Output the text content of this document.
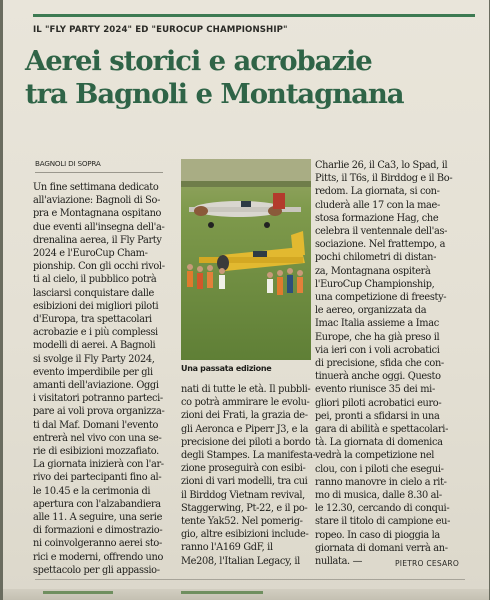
IL "FLY PARTY 2024" ED "EUROCUP CHAMPIONSHIP"
Aerei storici e acrobazie
tra Bagnoli e Montagnana
BAGNOLI DI SOPRA
Un fine settimana dedicato
all'aviazione: Bagnoli di So-
pra e Montagnana ospitano
due eventi all'insegna dell'a-
drenalina aerea, il Fly Party
2024 e l'EuroCup Cham-
pionship. Con gli occhi rivol-
ti al cielo, il pubblico potrà
lasciarsi conquistare dalle
esibizioni dei migliori piloti
d'Europa, tra spettacolari
acrobazie e i più complessi
modelli di aerei. A Bagnoli
si svolge il Fly Party 2024,
evento imperdibile per gli
amanti dell'aviazione. Oggi
i visitatori potranno parteci-
pare ai voli prova organizza-
ti dal Maf. Domani l'evento
entrerà nel vivo con una se-
rie di esibizioni mozzafiato.
La giornata inizierà con l'ar-
rivo dei partecipanti fino al-
le 10.45 e la cerimonia di
apertura con l'alzabandiera
alle 11. A seguire, una serie
di formazioni e dimostrazio-
ni coinvolgeranno aerei sto-
rici e moderni, offrendo uno
spettacolo per gli appassio-
Una passata edizione
nati di tutte le età. Il pubbli-
co potrà ammirare le evolu-
zioni dei Frati, la grazia de-
gli Aeronca e Piperr J3, e la
precisione dei piloti a bordo
degli Stampes. La manifesta-
zione proseguirà con esibi-
zioni di vari modelli, tra cui
il Birddog Vietnam revival,
Staggerwing, Pt-22, e il po-
tente Yak52. Nel pomerig-
gio, altre esibizioni include-
ranno l'A169 GdF, il
Me208, l'Italian Legacy, il
Charlie 26, il Ca3, lo Spad, il
Pitts, il T6s, il Birddog e il Bo-
redom. La giornata, si con-
cluderà alle 17 con la mae-
stosa formazione Hag, che
celebra il ventennale dell'as-
sociazione. Nel frattempo, a
pochi chilometri di distan-
za, Montagnana ospiterà
l'EuroCup Championship,
una competizione di freesty-
le aereo, organizzata da
Imac Italia assieme a Imac
Europe, che ha già preso il
via ieri con i voli acrobatici
di precisione, sfida che con-
tinuerà anche oggi. Questo
evento riunisce 35 dei mi-
gliori piloti acrobatici euro-
pei, pronti a sfidarsi in una
gara di abilità e spettacolari-
tà. La giornata di domenica
vedrà la competizione nel
clou, con i piloti che esegui-
ranno manovre in cielo a rit-
mo di musica, dalle 8.30 al-
le 12.30, cercando di conqui-
stare il titolo di campione eu-
ropeo. In caso di pioggia la
giornata di domani verrà an-
nullata. —	PIETRO CESARO
